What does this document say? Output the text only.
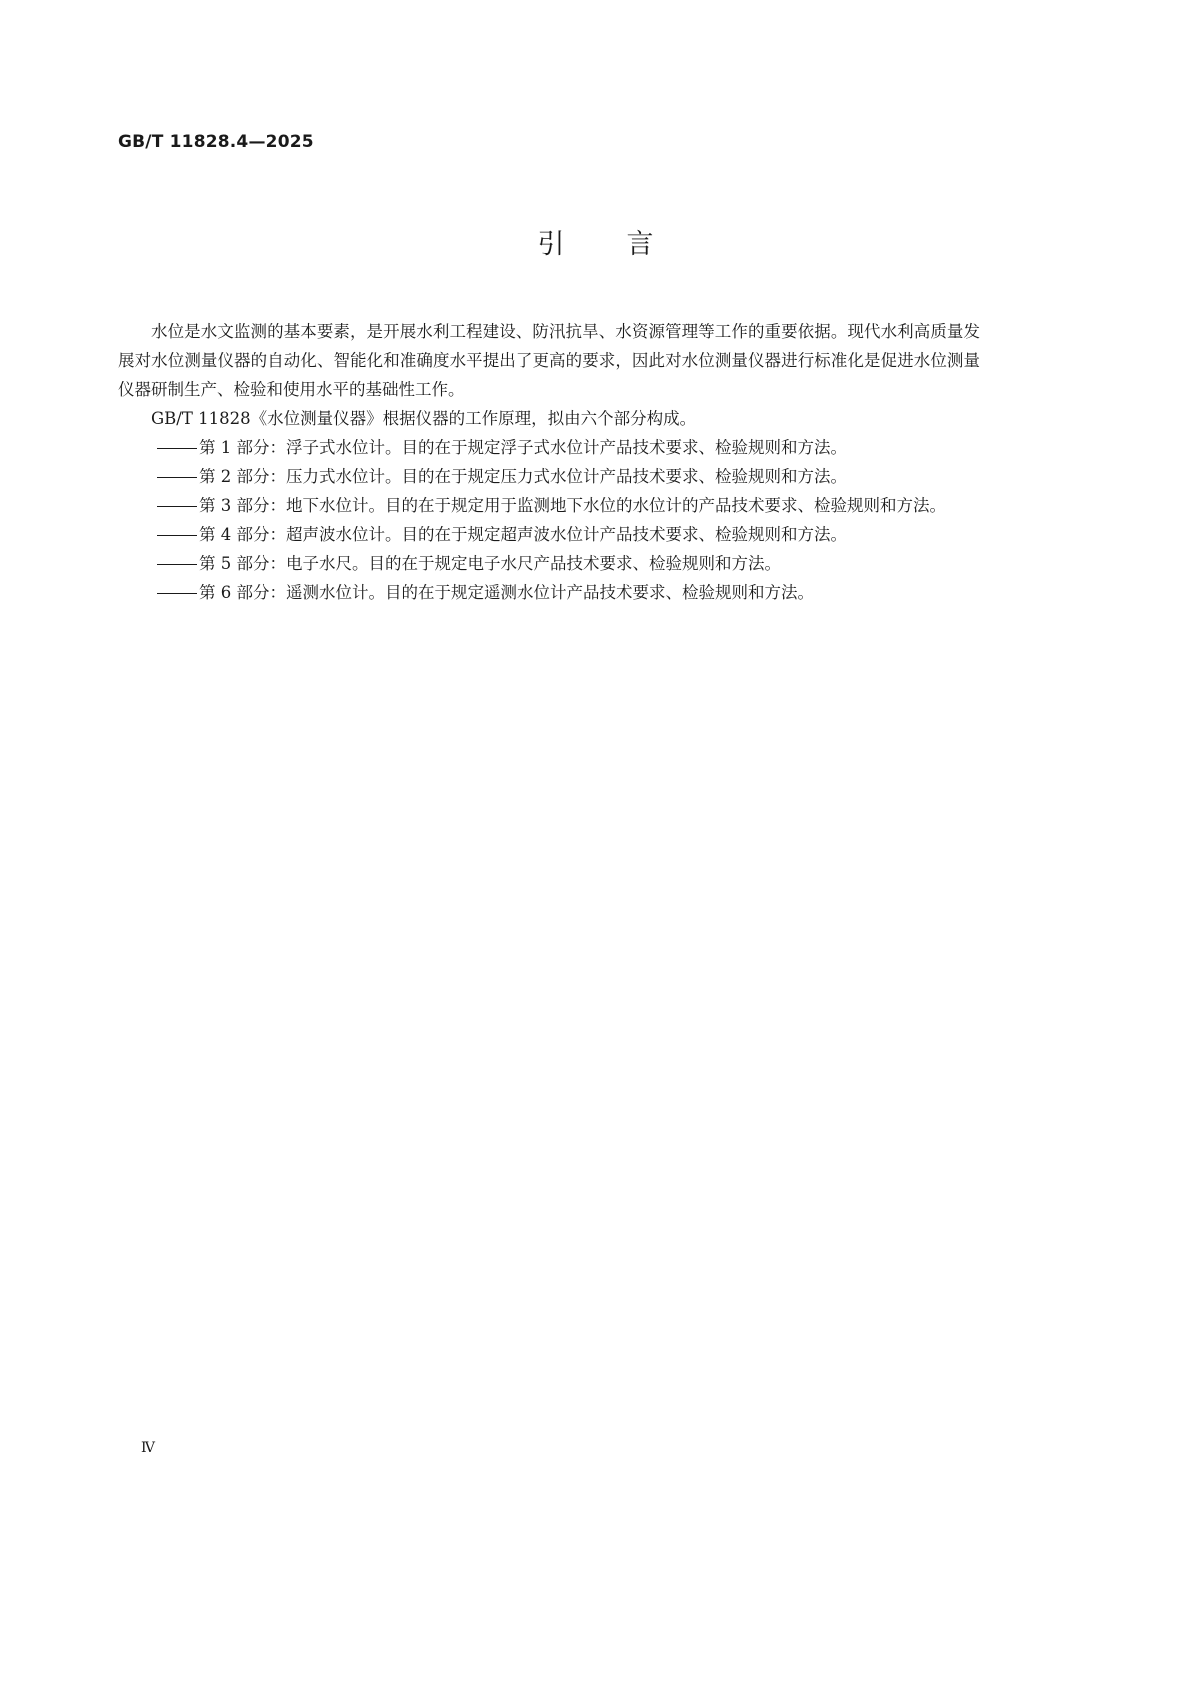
GB/T 11828.4—2025
引言

水位是水文监测的基本要素，是开展水利工程建设、防汛抗旱、水资源管理等工作的重要依据。现代水利高质量发展对水位测量仪器的自动化、智能化和准确度水平提出了更高的要求，因此对水位测量仪器进行标准化是促进水位测量仪器研制生产、检验和使用水平的基础性工作。

GB/T 11828《水位测量仪器》根据仪器的工作原理，拟由六个部分构成。

第 1 部分：浮子式水位计。目的在于规定浮子式水位计产品技术要求、检验规则和方法。
第 2 部分：压力式水位计。目的在于规定压力式水位计产品技术要求、检验规则和方法。
第 3 部分：地下水位计。目的在于规定用于监测地下水位的水位计的产品技术要求、检验规则和方法。
第 4 部分：超声波水位计。目的在于规定超声波水位计产品技术要求、检验规则和方法。
第 5 部分：电子水尺。目的在于规定电子水尺产品技术要求、检验规则和方法。
第 6 部分：遥测水位计。目的在于规定遥测水位计产品技术要求、检验规则和方法。
Ⅳ
